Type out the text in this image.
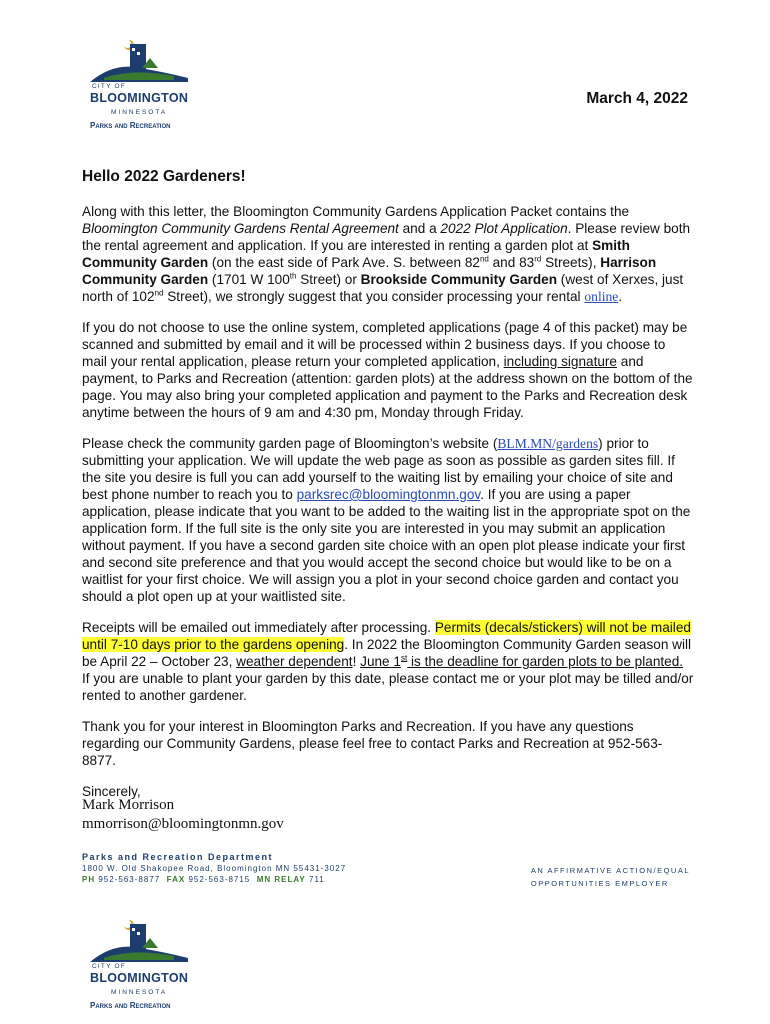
CITY OF
BLOOMINGTON
MINNESOTA
Parks and Recreation
March 4, 2022
Hello 2022 Gardeners!

Along with this letter, the Bloomington Community Gardens Application Packet contains the Bloomington Community Gardens Rental Agreement and a 2022 Plot Application. Please review both the rental agreement and application. If you are interested in renting a garden plot at Smith Community Garden (on the east side of Park Ave. S. between 82nd and 83rd Streets), Harrison Community Garden (1701 W 100th Street) or Brookside Community Garden (west of Xerxes, just north of 102nd Street), we strongly suggest that you consider processing your rental online.

If you do not choose to use the online system, completed applications (page 4 of this packet) may be scanned and submitted by email and it will be processed within 2 business days. If you choose to mail your rental application, please return your completed application, including signature and payment, to Parks and Recreation (attention: garden plots) at the address shown on the bottom of the page. You may also bring your completed application and payment to the Parks and Recreation desk anytime between the hours of 9 am and 4:30 pm, Monday through Friday.

Please check the community garden page of Bloomington’s website (BLM.MN/gardens) prior to submitting your application. We will update the web page as soon as possible as garden sites fill. If the site you desire is full you can add yourself to the waiting list by emailing your choice of site and best phone number to reach you to parksrec@bloomingtonmn.gov. If you are using a paper application, please indicate that you want to be added to the waiting list in the appropriate spot on the application form. If the full site is the only site you are interested in you may submit an application without payment. If you have a second garden site choice with an open plot please indicate your first and second site preference and that you would accept the second choice but would like to be on a waitlist for your first choice. We will assign you a plot in your second choice garden and contact you should a plot open up at your waitlisted site.

Receipts will be emailed out immediately after processing. Permits (decals/stickers) will not be mailed until 7-10 days prior to the gardens opening. In 2022 the Bloomington Community Garden season will be April 22 – October 23, weather dependent! June 1st is the deadline for garden plots to be planted. If you are unable to plant your garden by this date, please contact me or your plot may be tilled and/or rented to another gardener.

Thank you for your interest in Bloomington Parks and Recreation. If you have any questions regarding our Community Gardens, please feel free to contact Parks and Recreation at 952-563-8877.

Sincerely,

Mark Morrison
mmorrison@bloomingtonmn.gov
Parks and Recreation Department
1800 W. Old Shakopee Road, Bloomington MN 55431-3027
PH 952-563-8877 FAX 952-563-8715 MN RELAY 711
AN AFFIRMATIVE ACTION/EQUAL
OPPORTUNITIES EMPLOYER
CITY OF
BLOOMINGTON
MINNESOTA
Parks and Recreation
